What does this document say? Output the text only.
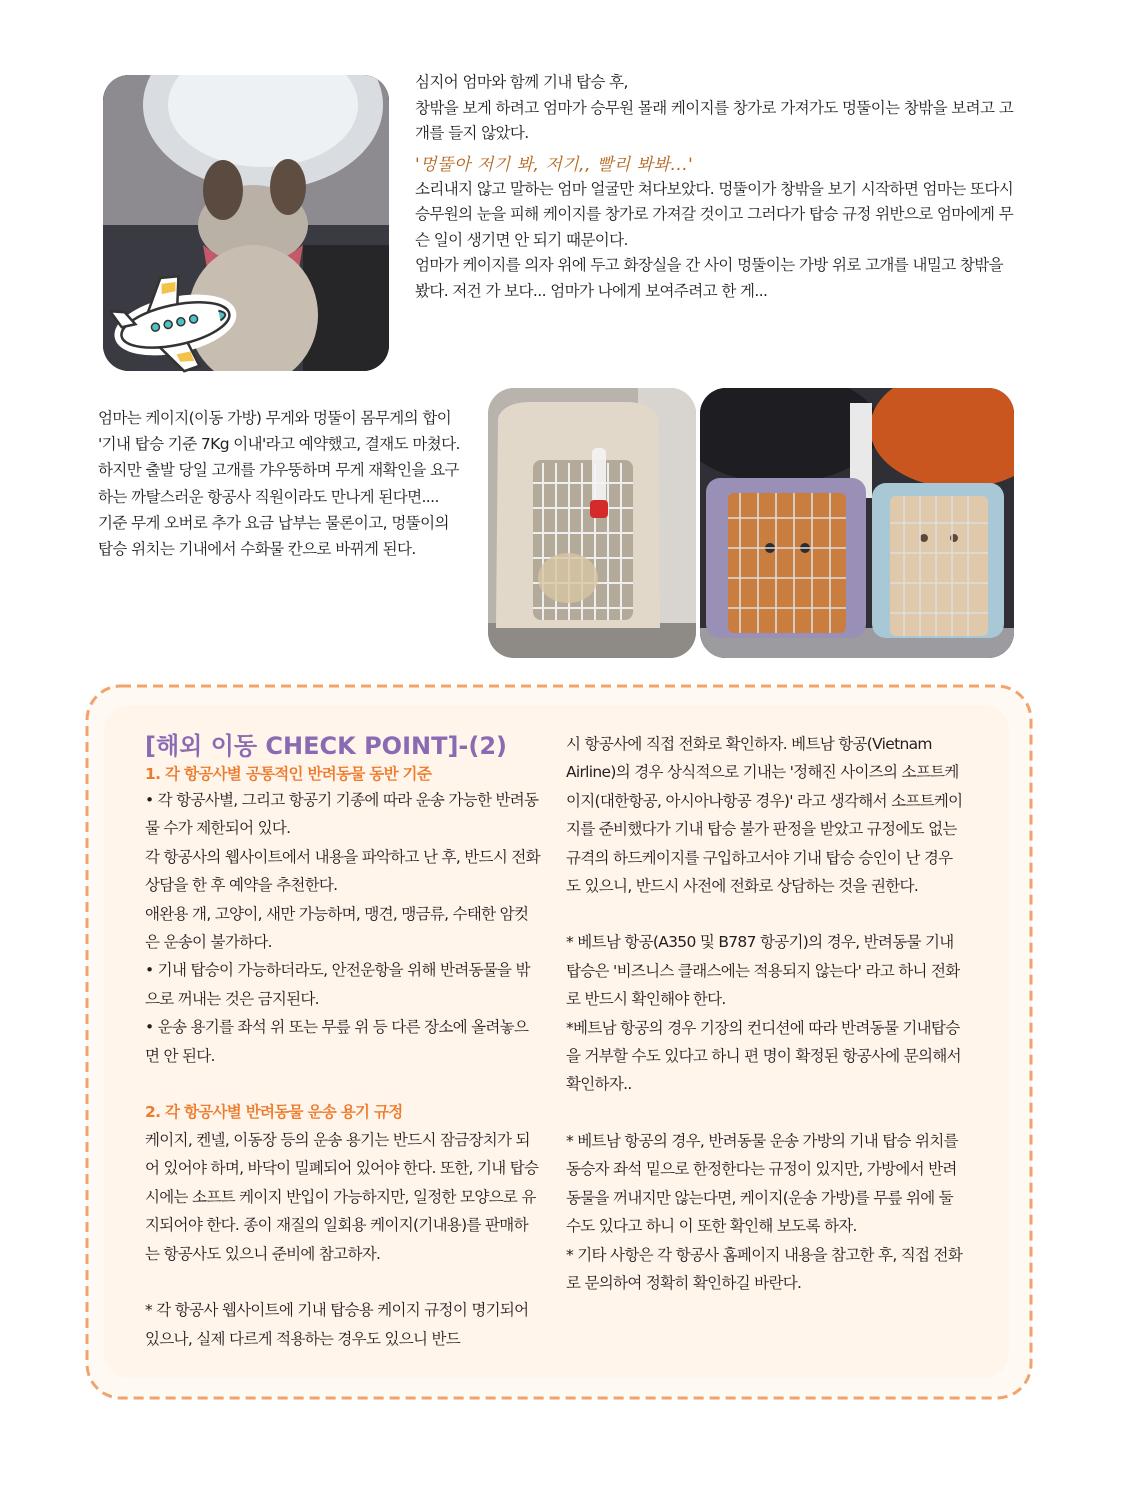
심지어 엄마와 함께 기내 탑승 후,

창밖을 보게 하려고 엄마가 승무원 몰래 케이지를 창가로 가져가도 멍뚤이는 창밖을 보려고 고개를 들지 않았다.

'멍뚤아 저기 봐, 저기,, 빨리 봐봐...'

소리내지 않고 말하는 엄마 얼굴만 쳐다보았다. 멍뚤이가 창밖을 보기 시작하면 엄마는 또다시 승무원의 눈을 피해 케이지를 창가로 가져갈 것이고 그러다가 탑승 규정 위반으로 엄마에게 무슨 일이 생기면 안 되기 때문이다.

엄마가 케이지를 의자 위에 두고 화장실을 간 사이 멍뚤이는 가방 위로 고개를 내밀고 창밖을 봤다. 저건 가 보다... 엄마가 나에게 보여주려고 한 게...

엄마는 케이지(이동 가방) 무게와 멍뚤이 몸무게의 합이 '기내 탑승 기준 7Kg 이내'라고 예약했고, 결재도 마쳤다.

하지만 출발 당일 고개를 갸우뚱하며 무게 재확인을 요구하는 까탈스러운 항공사 직원이라도 만나게 된다면....

기준 무게 오버로 추가 요금 납부는 물론이고, 멍뚤이의 탑승 위치는 기내에서 수화물 칸으로 바뀌게 된다.

[해외 이동 CHECK POINT]-(2)

1. 각 항공사별 공통적인 반려동물 동반 기준

• 각 항공사별, 그리고 항공기 기종에 따라 운송 가능한 반려동물 수가 제한되어 있다.

각 항공사의 웹사이트에서 내용을 파악하고 난 후, 반드시 전화 상담을 한 후 예약을 추천한다.

애완용 개, 고양이, 새만 가능하며, 맹견, 맹금류, 수태한 암컷은 운송이 불가하다.

• 기내 탑승이 가능하더라도, 안전운항을 위해 반려동물을 밖으로 꺼내는 것은 금지된다.

• 운송 용기를 좌석 위 또는 무릎 위 등 다른 장소에 올려놓으면 안 된다.

2. 각 항공사별 반려동물 운송 용기 규정

케이지, 켄넬, 이동장 등의 운송 용기는 반드시 잠금장치가 되어 있어야 하며, 바닥이 밀폐되어 있어야 한다. 또한, 기내 탑승 시에는 소프트 케이지 반입이 가능하지만, 일정한 모양으로 유지되어야 한다. 종이 재질의 일회용 케이지(기내용)를 판매하는 항공사도 있으니 준비에 참고하자.

* 각 항공사 웹사이트에 기내 탑승용 케이지 규정이 명기되어 있으나, 실제 다르게 적용하는 경우도 있으니 반드

시 항공사에 직접 전화로 확인하자. 베트남 항공(Vietnam Airline)의 경우 상식적으로 기내는 '정해진 사이즈의 소프트케이지(대한항공, 아시아나항공 경우)' 라고 생각해서 소프트케이지를 준비했다가 기내 탑승 불가 판정을 받았고 규정에도 없는 규격의 하드케이지를 구입하고서야 기내 탑승 승인이 난 경우도 있으니, 반드시 사전에 전화로 상담하는 것을 권한다.

* 베트남 항공(A350 및 B787 항공기)의 경우, 반려동물 기내 탑승은 '비즈니스 클래스에는 적용되지 않는다' 라고 하니 전화로 반드시 확인해야 한다.

*베트남 항공의 경우 기장의 컨디션에 따라 반려동물 기내탑승을 거부할 수도 있다고 하니 편 명이 확정된 항공사에 문의해서 확인하자..

* 베트남 항공의 경우, 반려동물 운송 가방의 기내 탑승 위치를 동승자 좌석 밑으로 한정한다는 규정이 있지만, 가방에서 반려동물을 꺼내지만 않는다면, 케이지(운송 가방)를 무릎 위에 둘 수도 있다고 하니 이 또한 확인해 보도록 하자.

* 기타 사항은 각 항공사 홈페이지 내용을 참고한 후, 직접 전화로 문의하여 정확히 확인하길 바란다.
